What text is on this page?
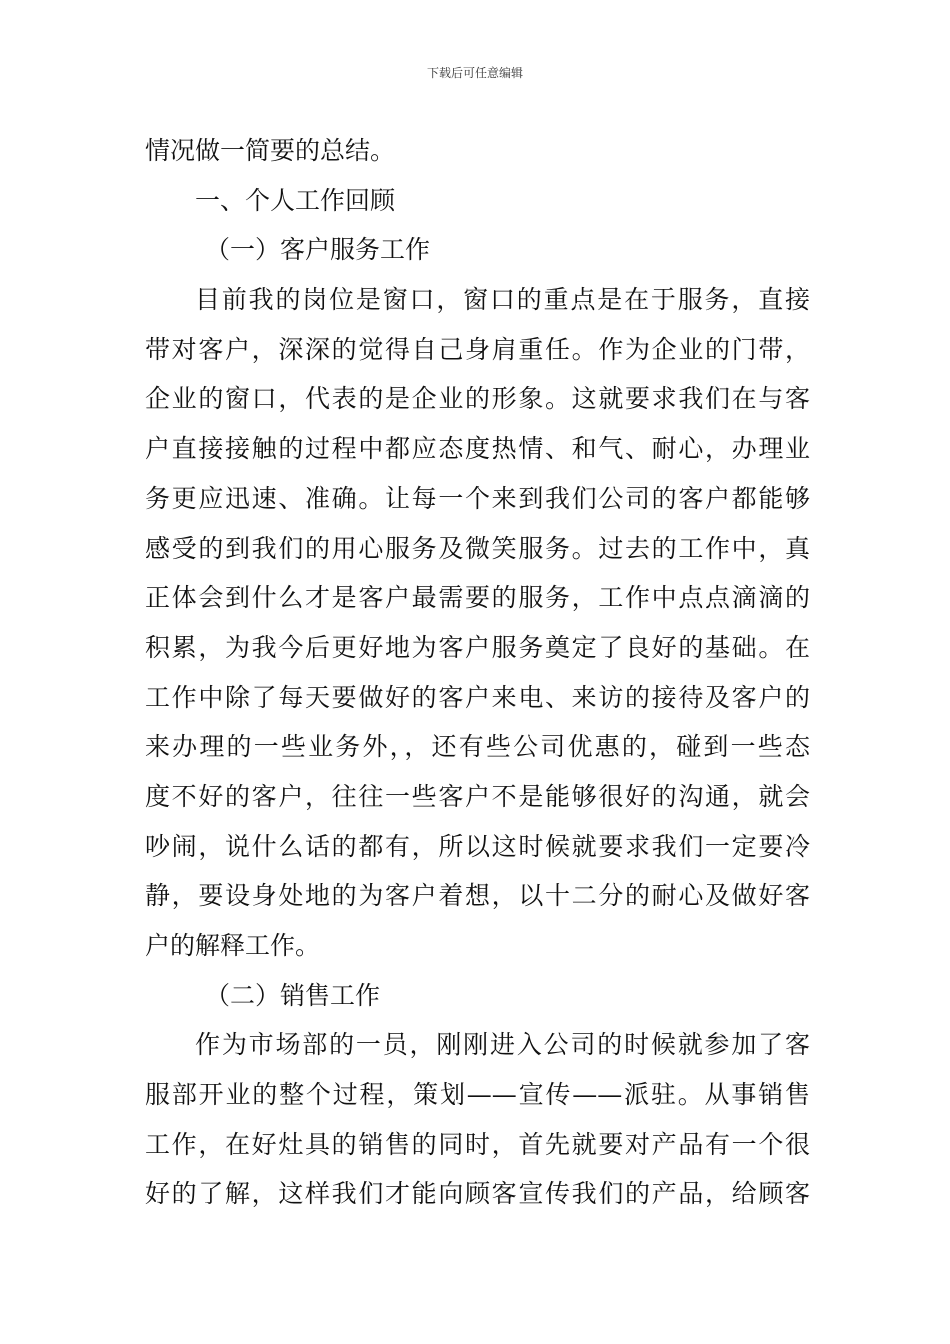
下载后可任意编辑
情况做一简要的总结。
一、个人工作回顾
（一）客户服务工作
目前我的岗位是窗口，窗口的重点是在于服务，直接
带对客户，深深的觉得自己身肩重任。作为企业的门带，
企业的窗口，代表的是企业的形象。这就要求我们在与客
户直接接触的过程中都应态度热情、和气、耐心，办理业
务更应迅速、准确。让每一个来到我们公司的客户都能够
感受的到我们的用心服务及微笑服务。过去的工作中，真
正体会到什么才是客户最需要的服务，工作中点点滴滴的
积累，为我今后更好地为客户服务奠定了良好的基础。在
工作中除了每天要做好的客户来电、来访的接待及客户的
来办理的一些业务外，，还有些公司优惠的，碰到一些态
度不好的客户，往往一些客户不是能够很好的沟通，就会
吵闹，说什么话的都有，所以这时候就要求我们一定要冷
静，要设身处地的为客户着想，以十二分的耐心及做好客
户的解释工作。
（二）销售工作
作为市场部的一员，刚刚进入公司的时候就参加了客
服部开业的整个过程，策划——宣传——派驻。从事销售
工作，在好灶具的销售的同时，首先就要对产品有一个很
好的了解，这样我们才能向顾客宣传我们的产品，给顾客
